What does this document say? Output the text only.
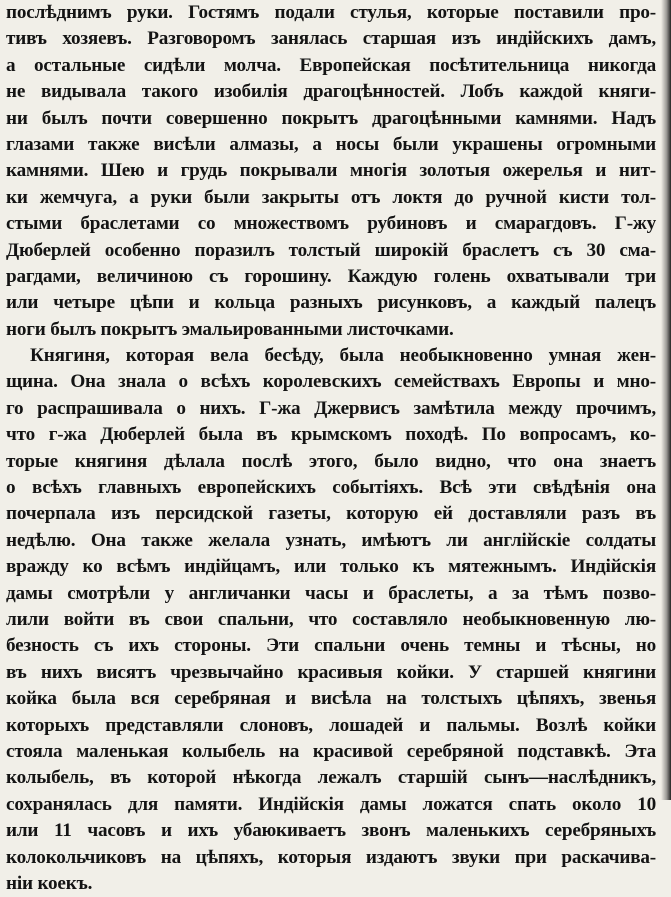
послѣднимъ руки. Гостямъ подали стулья, которые поставили про-
тивъ хозяевъ. Разговоромъ занялась старшая изъ индійскихъ дамъ,
а остальные сидѣли молча. Европейская посѣтительница никогда
не видывала такого изобилія драгоцѣнностей. Лобъ каждой княги-
ни былъ почти совершенно покрытъ драгоцѣнными камнями. Надъ
глазами также висѣли алмазы, а носы были украшены огромными
камнями. Шею и грудь покрывали многія золотыя ожерелья и нит-
ки жемчуга, а руки были закрыты отъ локтя до ручной кисти тол-
стыми браслетами со множествомъ рубиновъ и смарагдовъ. Г-жу
Дюберлей особенно поразилъ толстый широкій браслетъ съ 30 сма-
рагдами, величиною съ горошину. Каждую голень охватывали три
или четыре цѣпи и кольца разныхъ рисунковъ, а каждый палецъ
ноги былъ покрытъ эмальированными листочками.
Княгиня, которая вела бесѣду, была необыкновенно умная жен-
щина. Она знала о всѣхъ королевскихъ семействахъ Европы и мно-
го распрашивала о нихъ. Г-жа Джервисъ замѣтила между прочимъ,
что г-жа Дюберлей была въ крымскомъ походѣ. По вопросамъ, ко-
торые княгиня дѣлала послѣ этого, было видно, что она знаетъ
о всѣхъ главныхъ европейскихъ событіяхъ. Всѣ эти свѣдѣнія она
почерпала изъ персидской газеты, которую ей доставляли разъ въ
недѣлю. Она также желала узнать, имѣютъ ли англійскіе солдаты
вражду ко всѣмъ индійцамъ, или только къ мятежнымъ. Индійскія
дамы смотрѣли у англичанки часы и браслеты, а за тѣмъ позво-
лили войти въ свои спальни, что составляло необыкновенную лю-
безность съ ихъ стороны. Эти спальни очень темны и тѣсны, но
въ нихъ висятъ чрезвычайно красивыя койки. У старшей княгини
койка была вся серебряная и висѣла на толстыхъ цѣпяхъ, звенья
которыхъ представляли слоновъ, лошадей и пальмы. Возлѣ койки
стояла маленькая колыбель на красивой серебряной подставкѣ. Эта
колыбель, въ которой нѣкогда лежалъ старшій сынъ—наслѣдникъ,
сохранялась для памяти. Индійскія дамы ложатся спать около 10
или 11 часовъ и ихъ убаюкиваетъ звонъ маленькихъ серебряныхъ
колокольчиковъ на цѣпяхъ, которыя издаютъ звуки при раскачива-
ніи коекъ.
